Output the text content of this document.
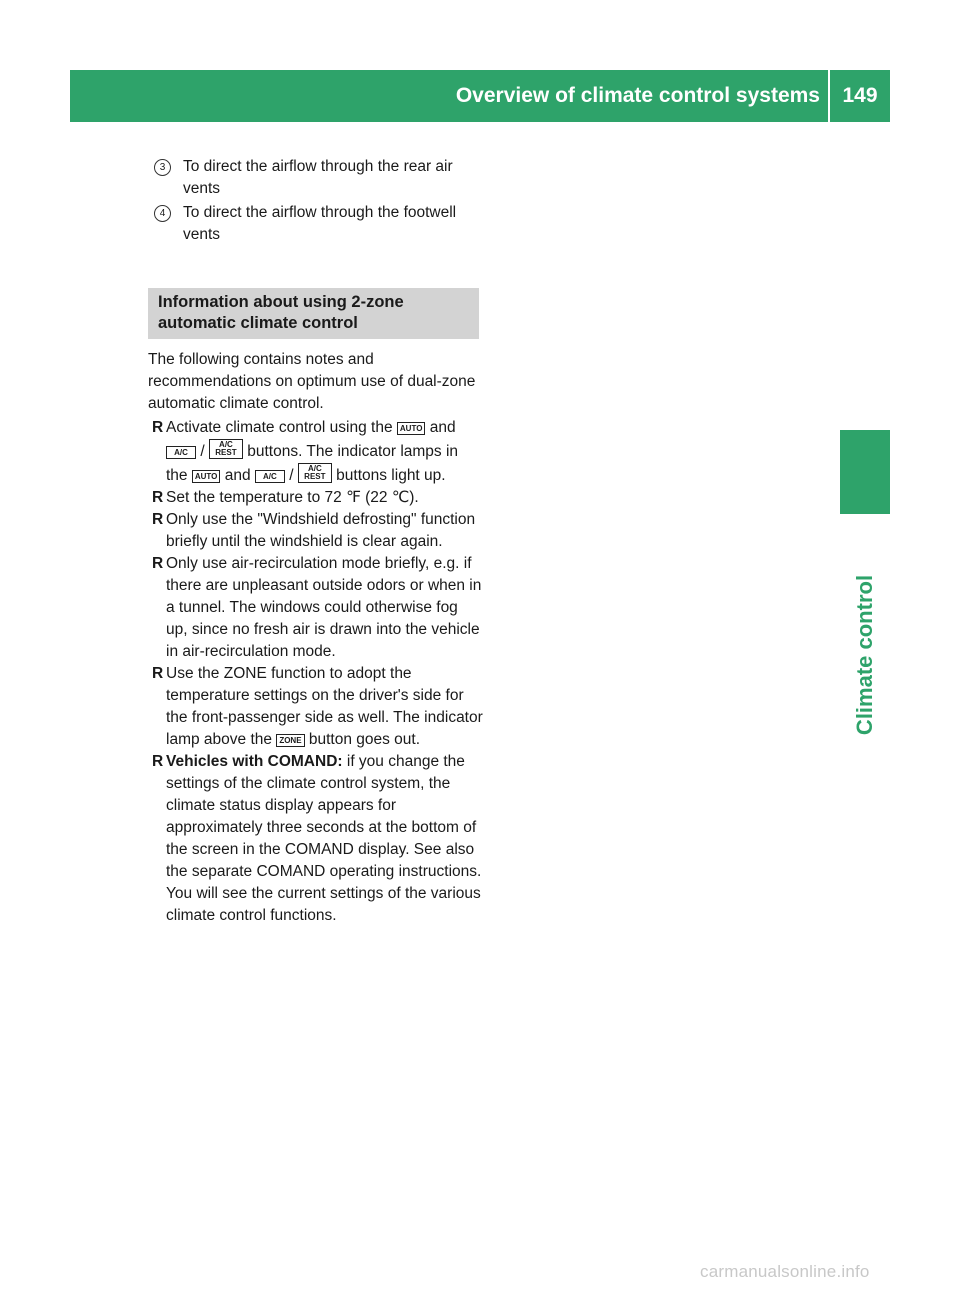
Overview of climate control systems	149
Climate control
3	To direct the airflow through the rear air vents
4	To direct the airflow through the footwell vents
Information about using 2-zone
automatic climate control
The following contains notes and recommendations on optimum use of dual-zone automatic climate control.
R Activate climate control using the AUTO and A/C / A/C
REST buttons. The indicator lamps in the AUTO and A/C / A/C
REST buttons light up.
R Set the temperature to 72 ℉ (22 ℃).
R Only use the "Windshield defrosting" function briefly until the windshield is clear again.
R Only use air-recirculation mode briefly, e.g. if there are unpleasant outside odors or when in a tunnel. The windows could otherwise fog up, since no fresh air is drawn into the vehicle in air-recirculation mode.
R Use the ZONE function to adopt the temperature settings on the driver's side for the front-passenger side as well. The indicator lamp above the ZONE button goes out.
R Vehicles with COMAND: if you change the settings of the climate control system, the climate status display appears for approximately three seconds at the bottom of the screen in the COMAND display. See also the separate COMAND operating instructions. You will see the current settings of the various climate control functions.
carmanualsonline.info
